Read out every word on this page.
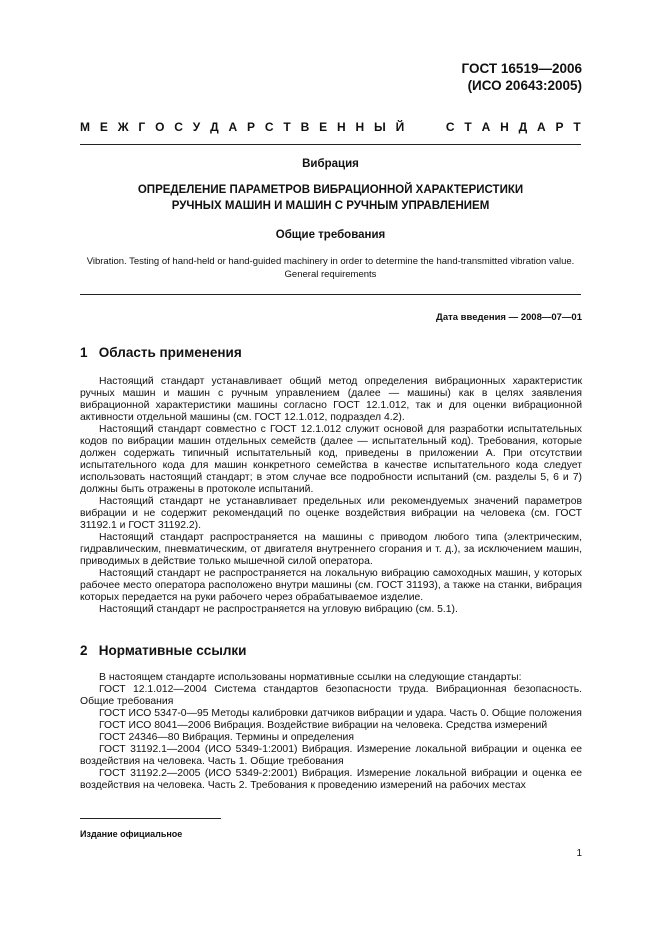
ГОСТ 16519—2006
(ИСО 20643:2005)
М Е Ж Г О С У Д А Р С Т В Е Н Н Ы Й	С Т А Н Д А Р Т
Вибрация
ОПРЕДЕЛЕНИЕ ПАРАМЕТРОВ ВИБРАЦИОННОЙ ХАРАКТЕРИСТИКИ
РУЧНЫХ МАШИН И МАШИН С РУЧНЫМ УПРАВЛЕНИЕМ
Общие требования
Vibration. Testing of hand-held or hand-guided machinery in order to determine the hand-transmitted vibration value.
General requirements
Дата введения — 2008—07—01
1 Область применения

Настоящий стандарт устанавливает общий метод определения вибрационных характеристик ручных машин и машин с ручным управлением (далее — машины) как в целях заявления вибрационной характеристики машины согласно ГОСТ 12.1.012, так и для оценки вибрационной активности отдельной машины (см. ГОСТ 12.1.012, подраздел 4.2).

Настоящий стандарт совместно с ГОСТ 12.1.012 служит основой для разработки испытательных кодов по вибрации машин отдельных семейств (далее — испытательный код). Требования, которые должен содержать типичный испытательный код, приведены в приложении А. При отсутствии испытательного кода для машин конкретного семейства в качестве испытательного кода следует использовать настоящий стандарт; в этом случае все подробности испытаний (см. разделы 5, 6 и 7) должны быть отражены в протоколе испытаний.

Настоящий стандарт не устанавливает предельных или рекомендуемых значений параметров вибрации и не содержит рекомендаций по оценке воздействия вибрации на человека (см. ГОСТ 31192.1 и ГОСТ 31192.2).

Настоящий стандарт распространяется на машины с приводом любого типа (электрическим, гидравлическим, пневматическим, от двигателя внутреннего сгорания и т. д.), за исключением машин, приводимых в действие только мышечной силой оператора.

Настоящий стандарт не распространяется на локальную вибрацию самоходных машин, у которых рабочее место оператора расположено внутри машины (см. ГОСТ 31193), а также на станки, вибрация которых передается на руки рабочего через обрабатываемое изделие.

Настоящий стандарт не распространяется на угловую вибрацию (см. 5.1).

2 Нормативные ссылки

В настоящем стандарте использованы нормативные ссылки на следующие стандарты:

ГОСТ 12.1.012—2004 Система стандартов безопасности труда. Вибрационная безопасность. Общие требования

ГОСТ ИСО 5347-0—95 Методы калибровки датчиков вибрации и удара. Часть 0. Общие положения

ГОСТ ИСО 8041—2006 Вибрация. Воздействие вибрации на человека. Средства измерений

ГОСТ 24346—80 Вибрация. Термины и определения

ГОСТ 31192.1—2004 (ИСО 5349-1:2001) Вибрация. Измерение локальной вибрации и оценка ее воздействия на человека. Часть 1. Общие требования

ГОСТ 31192.2—2005 (ИСО 5349-2:2001) Вибрация. Измерение локальной вибрации и оценка ее воздействия на человека. Часть 2. Требования к проведению измерений на рабочих местах

Издание официальное
1
